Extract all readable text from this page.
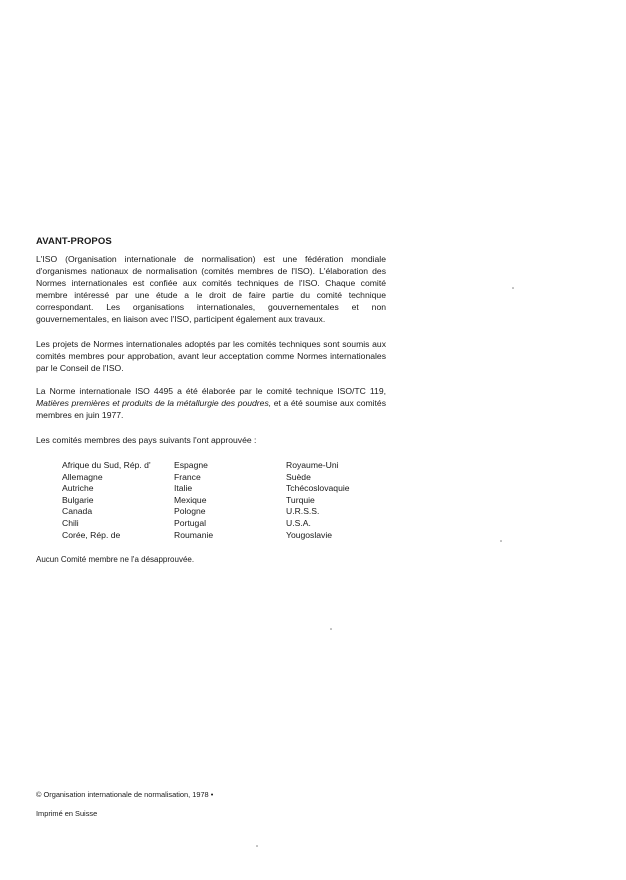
AVANT-PROPOS
L'ISO (Organisation internationale de normalisation) est une fédération mondiale d'organismes nationaux de normalisation (comités membres de l'ISO). L'élaboration des Normes internationales est confiée aux comités techniques de l'ISO. Chaque comité membre intéressé par une étude a le droit de faire partie du comité technique correspondant. Les organisations internationales, gouvernementales et non gouvernementales, en liaison avec l'ISO, participent également aux travaux.
Les projets de Normes internationales adoptés par les comités techniques sont soumis aux comités membres pour approbation, avant leur acceptation comme Normes internationales par le Conseil de l'ISO.
La Norme internationale ISO 4495 a été élaborée par le comité technique ISO/TC 119, Matières premières et produits de la métallurgie des poudres, et a été soumise aux comités membres en juin 1977.
Les comités membres des pays suivants l'ont approuvée :
Afrique du Sud, Rép. d'
Allemagne
Autriche
Bulgarie
Canada
Chili
Corée, Rép. de
Espagne
France
Italie
Mexique
Pologne
Portugal
Roumanie
Royaume-Uni
Suède
Tchécoslovaquie
Turquie
U.R.S.S.
U.S.A.
Yougoslavie
Aucun Comité membre ne l'a désapprouvée.
© Organisation internationale de normalisation, 1978 •
Imprimé en Suisse
